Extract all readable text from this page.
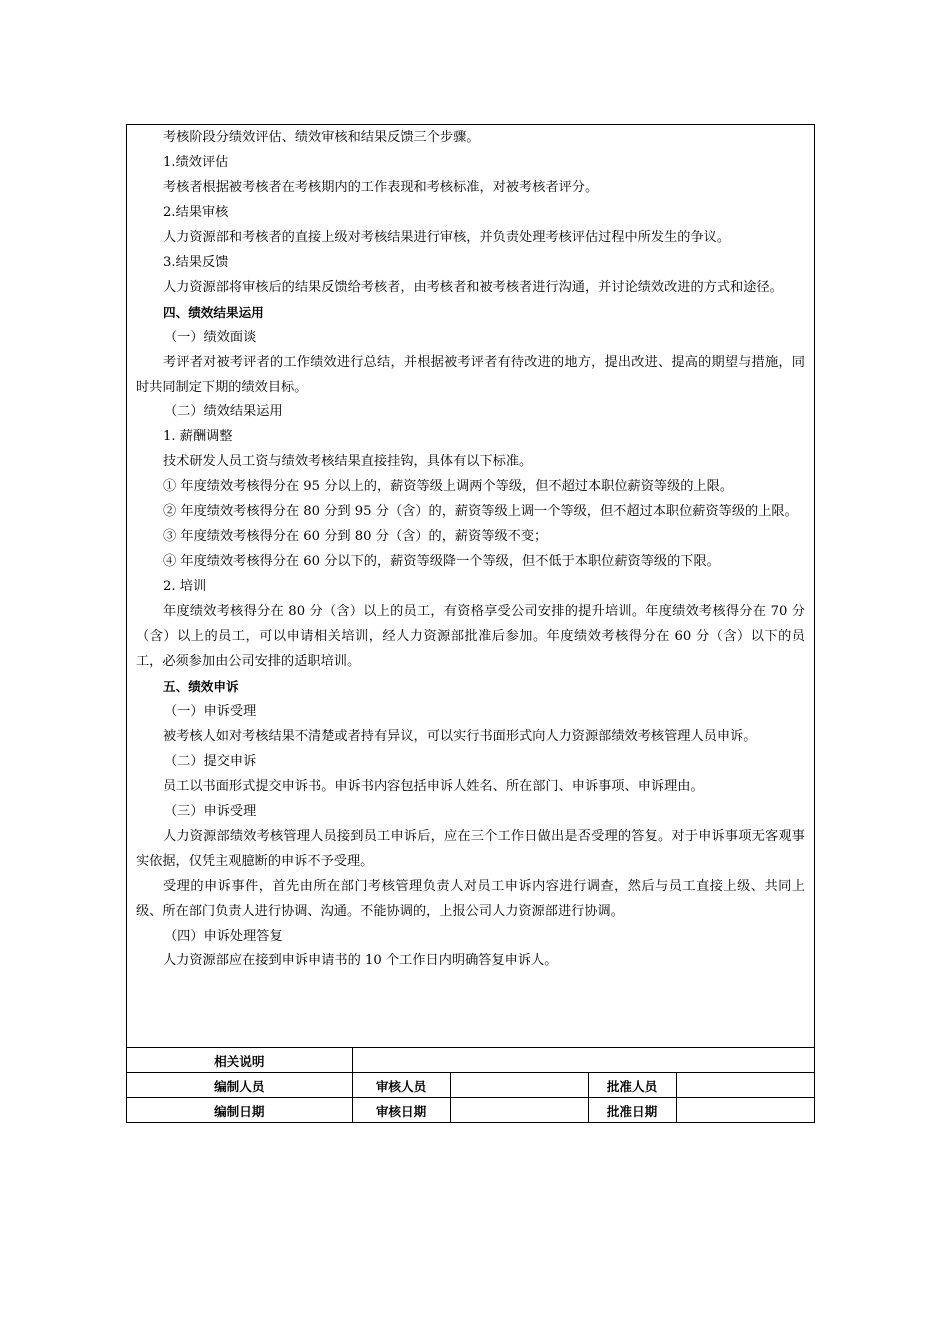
考核阶段分绩效评估、绩效审核和结果反馈三个步骤。

1.绩效评估

考核者根据被考核者在考核期内的工作表现和考核标准，对被考核者评分。

2.结果审核

人力资源部和考核者的直接上级对考核结果进行审核，并负责处理考核评估过程中所发生的争议。

3.结果反馈

人力资源部将审核后的结果反馈给考核者，由考核者和被考核者进行沟通，并讨论绩效改进的方式和途径。

四、绩效结果运用

（一）绩效面谈

考评者对被考评者的工作绩效进行总结，并根据被考评者有待改进的地方，提出改进、提高的期望与措施，同时共同制定下期的绩效目标。

（二）绩效结果运用

1. 薪酬调整

技术研发人员工资与绩效考核结果直接挂钩，具体有以下标准。

① 年度绩效考核得分在 95 分以上的，薪资等级上调两个等级，但不超过本职位薪资等级的上限。

② 年度绩效考核得分在 80 分到 95 分（含）的，薪资等级上调一个等级，但不超过本职位薪资等级的上限。

③ 年度绩效考核得分在 60 分到 80 分（含）的，薪资等级不变；

④ 年度绩效考核得分在 60 分以下的，薪资等级降一个等级，但不低于本职位薪资等级的下限。

2. 培训

年度绩效考核得分在 80 分（含）以上的员工，有资格享受公司安排的提升培训。年度绩效考核得分在 70 分（含）以上的员工，可以申请相关培训，经人力资源部批准后参加。年度绩效考核得分在 60 分（含）以下的员工，必须参加由公司安排的适职培训。

五、绩效申诉

（一）申诉受理

被考核人如对考核结果不清楚或者持有异议，可以实行书面形式向人力资源部绩效考核管理人员申诉。

（二）提交申诉

员工以书面形式提交申诉书。申诉书内容包括申诉人姓名、所在部门、申诉事项、申诉理由。

（三）申诉受理

人力资源部绩效考核管理人员接到员工申诉后，应在三个工作日做出是否受理的答复。对于申诉事项无客观事实依据，仅凭主观臆断的申诉不予受理。

受理的申诉事件，首先由所在部门考核管理负责人对员工申诉内容进行调查，然后与员工直接上级、共同上级、所在部门负责人进行协调、沟通。不能协调的，上报公司人力资源部进行协调。

（四）申诉处理答复

人力资源部应在接到申诉申请书的 10 个工作日内明确答复申诉人。

相关说明				
编制人员	审核人员		批准人员	
编制日期	审核日期		批准日期	
